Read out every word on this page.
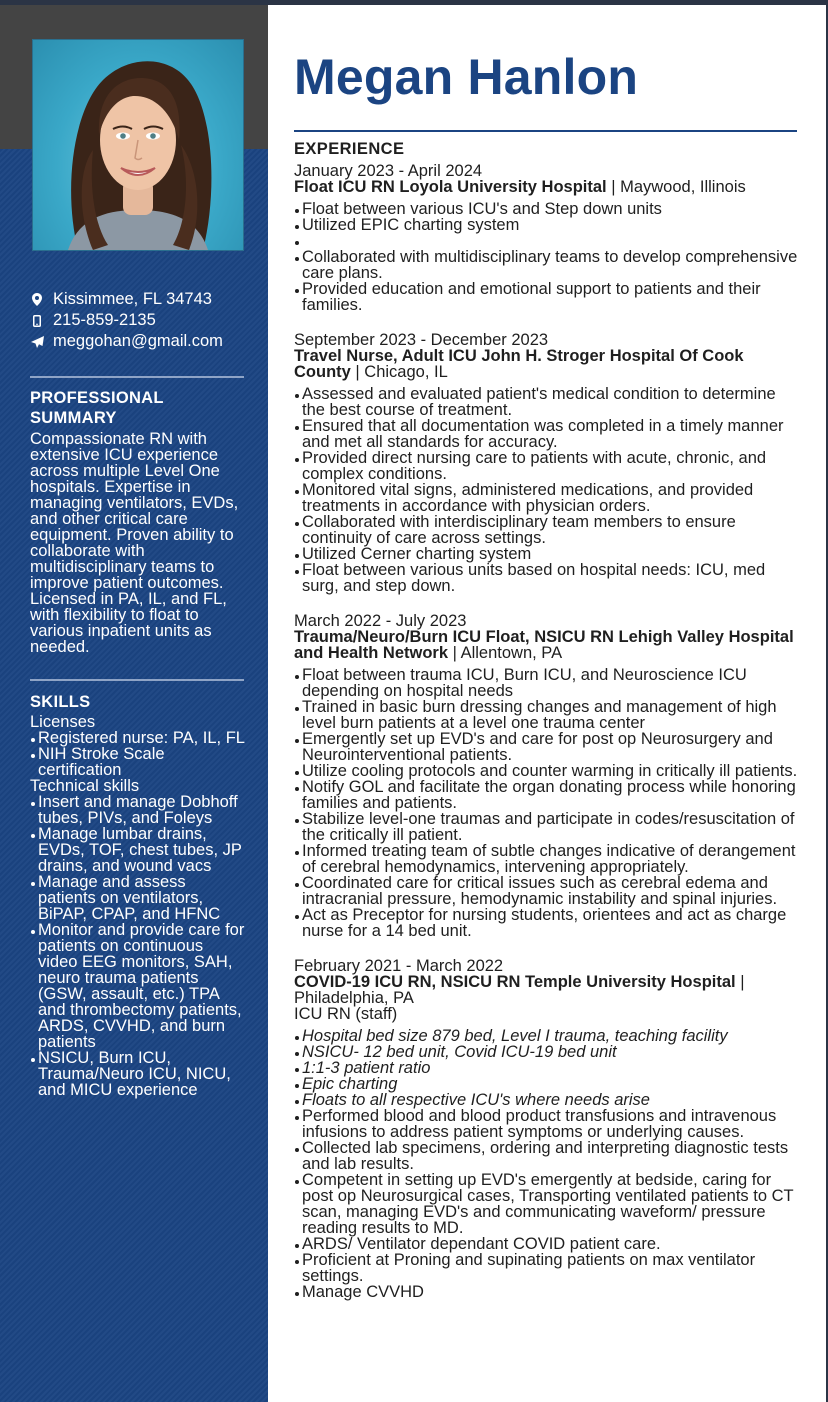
Kissimmee, FL 34743
215-859-2135
meggohan@gmail.com
PROFESSIONAL SUMMARY
Compassionate RN with extensive ICU experience across multiple Level One hospitals. Expertise in managing ventilators, EVDs, and other critical care equipment. Proven ability to collaborate with multidisciplinary teams to improve patient outcomes. Licensed in PA, IL, and FL, with flexibility to float to various inpatient units as needed.
SKILLS
Licenses
Registered nurse: PA, IL, FL
NIH Stroke Scale certification
Technical skills
Insert and manage Dobhoff tubes, PIVs, and Foleys
Manage lumbar drains, EVDs, TOF, chest tubes, JP drains, and wound vacs
Manage and assess patients on ventilators, BiPAP, CPAP, and HFNC
Monitor and provide care for patients on continuous video EEG monitors, SAH, neuro trauma patients (GSW, assault, etc.) TPA and thrombectomy patients, ARDS, CVVHD, and burn patients
NSICU, Burn ICU, Trauma/Neuro ICU, NICU, and MICU experience
Megan Hanlon
EXPERIENCE
January 2023 - April 2024
Float ICU RN Loyola University Hospital | Maywood, Illinois
Float between various ICU's and Step down units
Utilized EPIC charting system
Collaborated with multidisciplinary teams to develop comprehensive care plans.
Provided education and emotional support to patients and their families.
September 2023 - December 2023
Travel Nurse, Adult ICU John H. Stroger Hospital Of Cook County | Chicago, IL
Assessed and evaluated patient's medical condition to determine the best course of treatment.
Ensured that all documentation was completed in a timely manner and met all standards for accuracy.
Provided direct nursing care to patients with acute, chronic, and complex conditions.
Monitored vital signs, administered medications, and provided treatments in accordance with physician orders.
Collaborated with interdisciplinary team members to ensure continuity of care across settings.
Utilized Cerner charting system
Float between various units based on hospital needs: ICU, med surg, and step down.
March 2022 - July 2023
Trauma/Neuro/Burn ICU Float, NSICU RN Lehigh Valley Hospital and Health Network | Allentown, PA
Float between trauma ICU, Burn ICU, and Neuroscience ICU depending on hospital needs
Trained in basic burn dressing changes and management of high level burn patients at a level one trauma center
Emergently set up EVD's and care for post op Neurosurgery and Neurointerventional patients.
Utilize cooling protocols and counter warming in critically ill patients.
Notify GOL and facilitate the organ donating process while honoring families and patients.
Stabilize level-one traumas and participate in codes/resuscitation of the critically ill patient.
Informed treating team of subtle changes indicative of derangement of cerebral hemodynamics, intervening appropriately.
Coordinated care for critical issues such as cerebral edema and intracranial pressure, hemodynamic instability and spinal injuries.
Act as Preceptor for nursing students, orientees and act as charge nurse for a 14 bed unit.
February 2021 - March 2022
COVID-19 ICU RN, NSICU RN Temple University Hospital | Philadelphia, PA
ICU RN (staff)
Hospital bed size 879 bed, Level I trauma, teaching facility
NSICU- 12 bed unit, Covid ICU-19 bed unit
1:1-3 patient ratio
Epic charting
Floats to all respective ICU's where needs arise
Performed blood and blood product transfusions and intravenous infusions to address patient symptoms or underlying causes.
Collected lab specimens, ordering and interpreting diagnostic tests and lab results.
Competent in setting up EVD's emergently at bedside, caring for post op Neurosurgical cases, Transporting ventilated patients to CT scan, managing EVD's and communicating waveform/ pressure reading results to MD.
ARDS/ Ventilator dependant COVID patient care.
Proficient at Proning and supinating patients on max ventilator settings.
Manage CVVHD
